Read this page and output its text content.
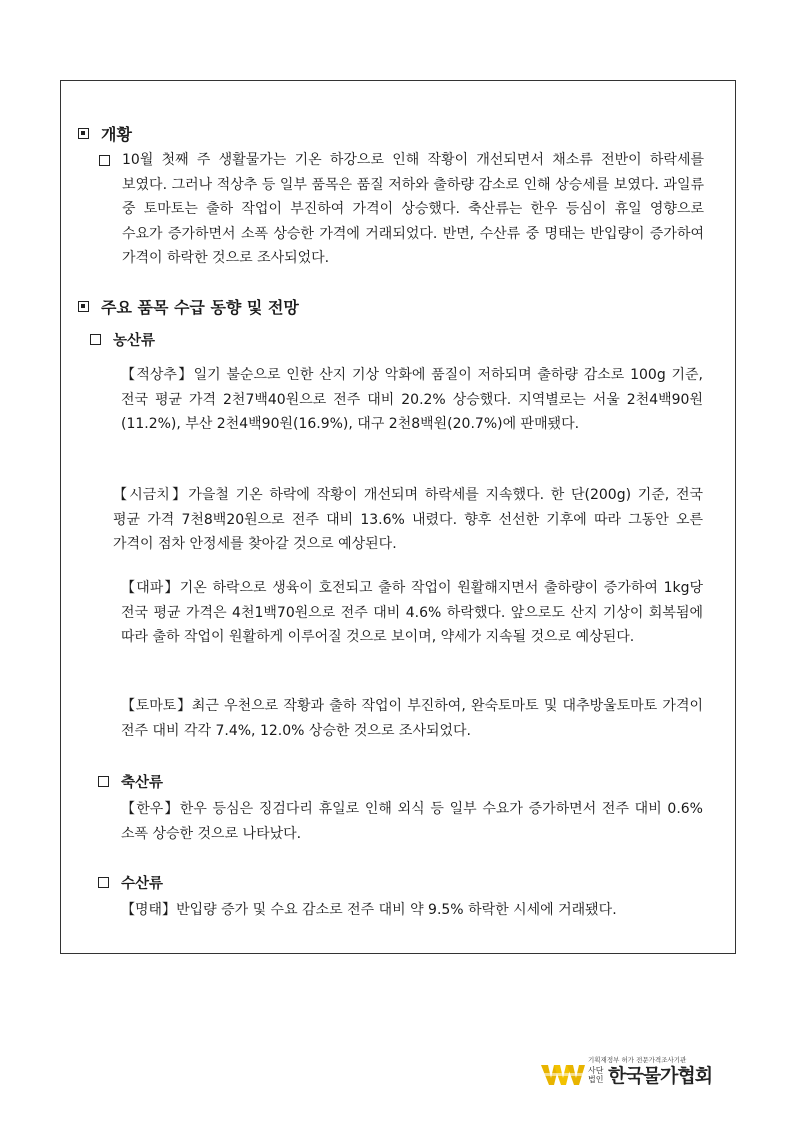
개황

10월 첫째 주 생활물가는 기온 하강으로 인해 작황이 개선되면서 채소류 전반이 하락세를 보였다. 그러나 적상추 등 일부 품목은 품질 저하와 출하량 감소로 인해 상승세를 보였다. 과일류 중 토마토는 출하 작업이 부진하여 가격이 상승했다. 축산류는 한우 등심이 휴일 영향으로 수요가 증가하면서 소폭 상승한 가격에 거래되었다. 반면, 수산류 중 명태는 반입량이 증가하여 가격이 하락한 것으로 조사되었다.

주요 품목 수급 동향 및 전망
농산류

【적상추】일기 불순으로 인한 산지 기상 악화에 품질이 저하되며 출하량 감소로 100g 기준, 전국 평균 가격 2천7백40원으로 전주 대비 20.2% 상승했다. 지역별로는 서울 2천4백90원(11.2%), 부산 2천4백90원(16.9%), 대구 2천8백원(20.7%)에 판매됐다.

【시금치】가을철 기온 하락에 작황이 개선되며 하락세를 지속했다. 한 단(200g) 기준, 전국 평균 가격 7천8백20원으로 전주 대비 13.6% 내렸다. 향후 선선한 기후에 따라 그동안 오른 가격이 점차 안정세를 찾아갈 것으로 예상된다.

【대파】기온 하락으로 생육이 호전되고 출하 작업이 원활해지면서 출하량이 증가하여 1kg당 전국 평균 가격은 4천1백70원으로 전주 대비 4.6% 하락했다. 앞으로도 산지 기상이 회복됨에 따라 출하 작업이 원활하게 이루어질 것으로 보이며, 약세가 지속될 것으로 예상된다.

【토마토】최근 우천으로 작황과 출하 작업이 부진하여, 완숙토마토 및 대추방울토마토 가격이 전주 대비 각각 7.4%, 12.0% 상승한 것으로 조사되었다.

축산류

【한우】한우 등심은 징검다리 휴일로 인해 외식 등 일부 수요가 증가하면서 전주 대비 0.6% 소폭 상승한 것으로 나타났다.

수산류

【명태】반입량 증가 및 수요 감소로 전주 대비 약 9.5% 하락한 시세에 거래됐다.

기획재정부 허가 전문가격조사기관
사단 법인 한국물가협회
